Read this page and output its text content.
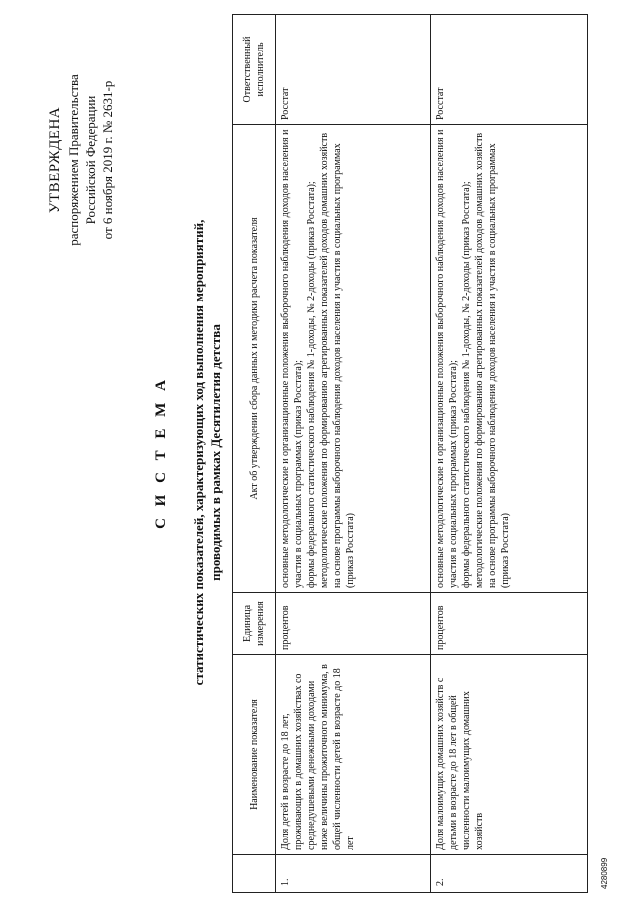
УТВЕРЖДЕНА распоряжением Правительства Российской Федерации от 6 ноября 2019 г. № 2631-р
С И С Т Е М А статистических показателей, характеризующих ход выполнения мероприятий, проводимых в рамках Десятилетия детства
	Наименование показателя	Единица измерения	Акт об утверждении сбора данных и методики расчета показателя	Ответственный исполнитель
1.	Доля детей в возрасте до 18 лет, проживающих в домашних хозяйствах со среднедушевыми денежными доходами ниже величины прожиточного минимума, в общей численности детей в возрасте до 18 лет	процентов	основные методологические и организационные положения выборочного наблюдения доходов населения и участия в социальных программах (приказ Росстата); формы федерального статистического наблюдения № 1-доходы, № 2-доходы (приказ Росстата); методологические положения по формированию агрегированных показателей доходов домашних хозяйств на основе программы выборочного наблюдения доходов населения и участия в социальных программах (приказ Росстата)	Росстат
2.	Доля малоимущих домашних хозяйств с детьми в возрасте до 18 лет в общей численности малоимущих домашних хозяйств	процентов	основные методологические и организационные положения выборочного наблюдения доходов населения и участия в социальных программах (приказ Росстата); формы федерального статистического наблюдения № 1-доходы, № 2-доходы (приказ Росстата); методологические положения по формированию агрегированных показателей доходов домашних хозяйств на основе программы выборочного наблюдения доходов населения и участия в социальных программах (приказ Росстата)	Росстат
4280899
